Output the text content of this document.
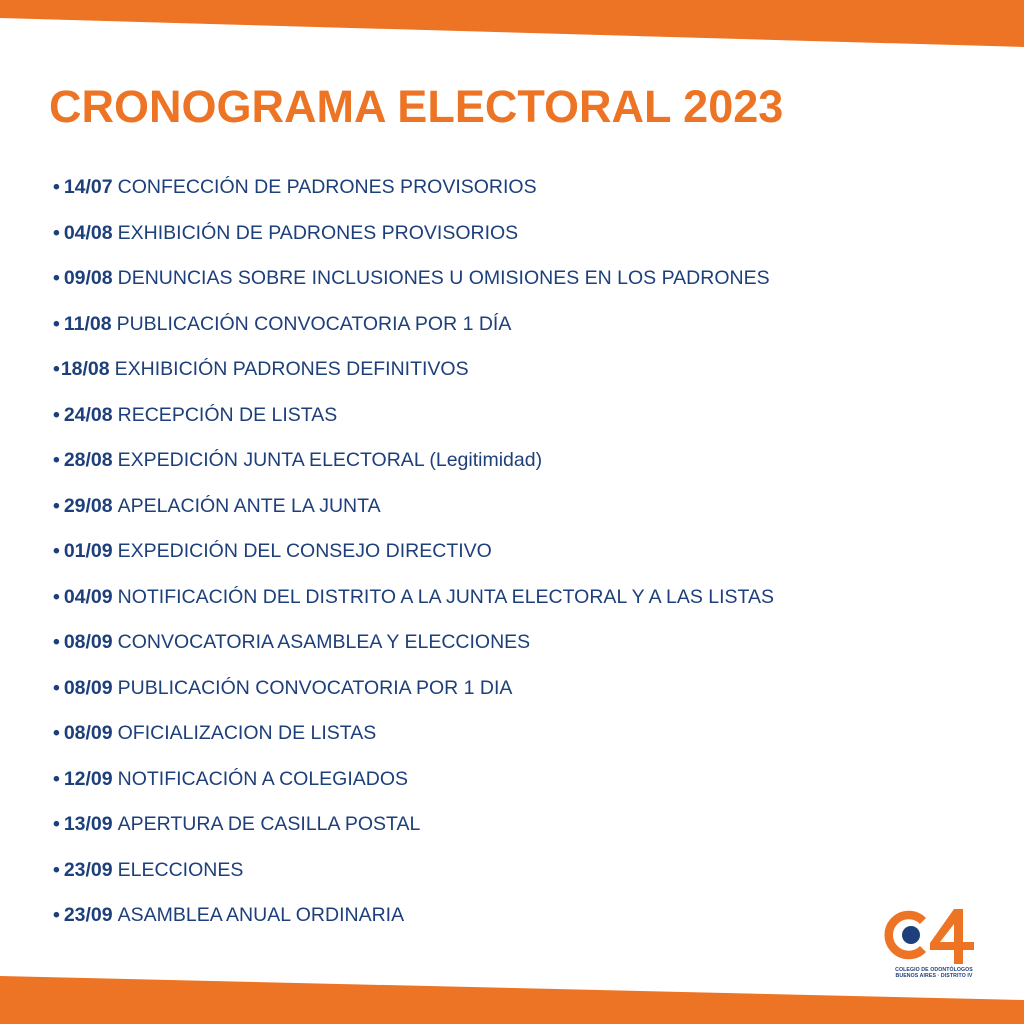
CRONOGRAMA ELECTORAL 2023
• 14/07 CONFECCIÓN DE PADRONES PROVISORIOS
• 04/08 EXHIBICIÓN DE PADRONES PROVISORIOS
• 09/08 DENUNCIAS SOBRE INCLUSIONES U OMISIONES EN LOS PADRONES
• 11/08 PUBLICACIÓN CONVOCATORIA POR 1 DÍA
•18/08 EXHIBICIÓN PADRONES DEFINITIVOS
• 24/08 RECEPCIÓN DE LISTAS
• 28/08 EXPEDICIÓN JUNTA ELECTORAL (Legitimidad)
• 29/08 APELACIÓN ANTE LA JUNTA
• 01/09 EXPEDICIÓN DEL CONSEJO DIRECTIVO
• 04/09 NOTIFICACIÓN DEL DISTRITO A LA JUNTA ELECTORAL Y A LAS LISTAS
• 08/09 CONVOCATORIA ASAMBLEA Y ELECCIONES
• 08/09 PUBLICACIÓN CONVOCATORIA POR 1 DIA
• 08/09 OFICIALIZACION DE LISTAS
• 12/09 NOTIFICACIÓN A COLEGIADOS
• 13/09 APERTURA DE CASILLA POSTAL
• 23/09 ELECCIONES
• 23/09 ASAMBLEA ANUAL ORDINARIA
COLEGIO DE ODONTÓLOGOS
BUENOS AIRES · DISTRITO IV
